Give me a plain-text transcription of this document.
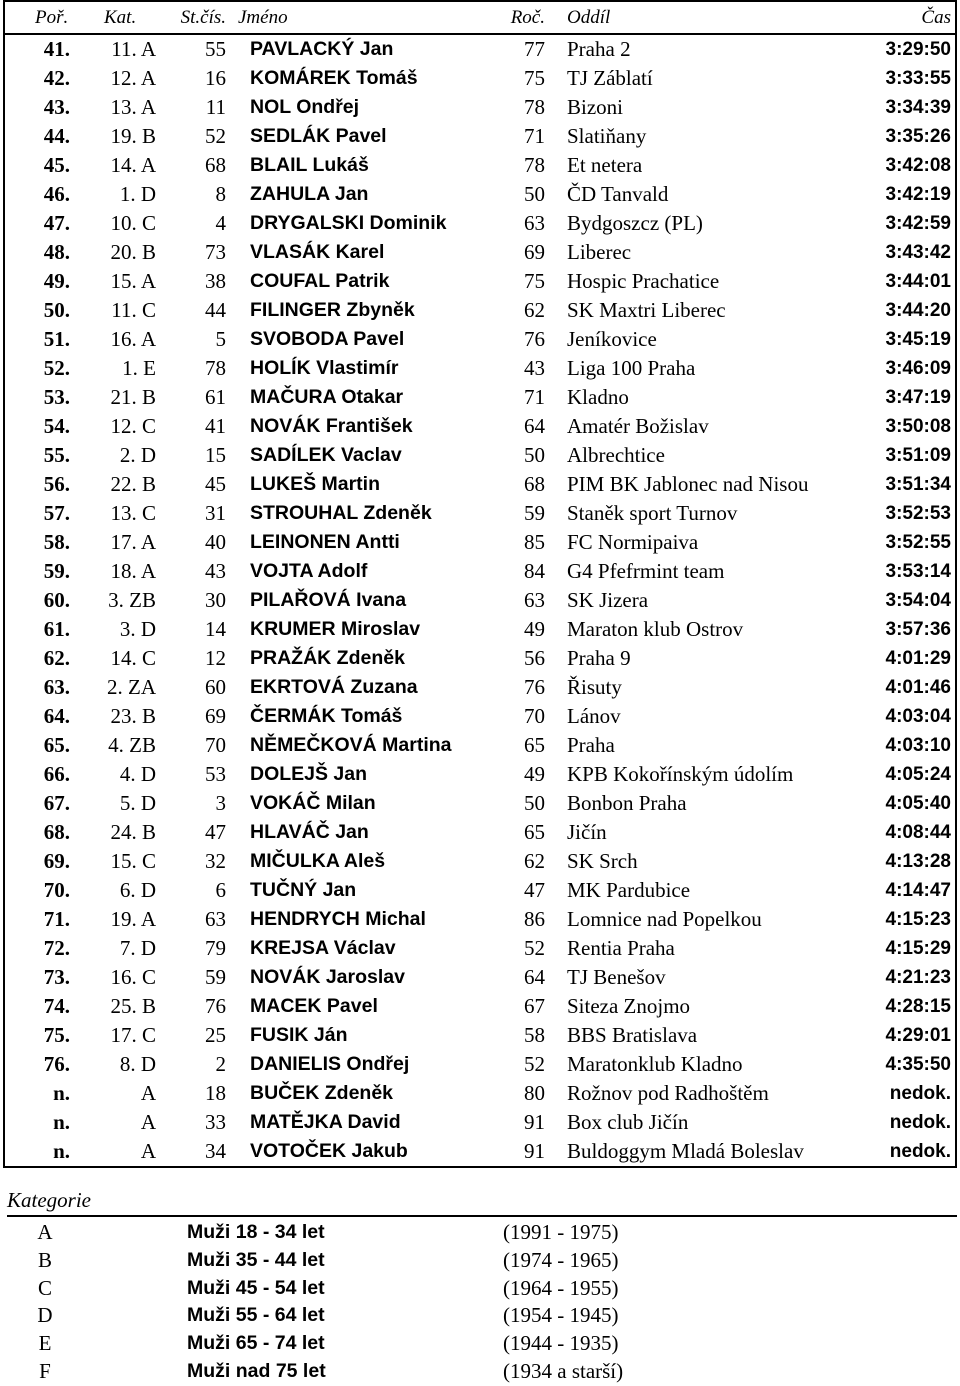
Poř.	Kat.	St.čís.	Jméno	Roč.	Oddíl	Čas
41.	11. A	55	PAVLACKÝ Jan	77	Praha 2	3:29:50
42.	12. A	16	KOMÁREK Tomáš	75	TJ Záblatí	3:33:55
43.	13. A	11	NOL Ondřej	78	Bizoni	3:34:39
44.	19. B	52	SEDLÁK Pavel	71	Slatiňany	3:35:26
45.	14. A	68	BLAIL Lukáš	78	Et netera	3:42:08
46.	1. D	8	ZAHULA Jan	50	ČD Tanvald	3:42:19
47.	10. C	4	DRYGALSKI Dominik	63	Bydgoszcz (PL)	3:42:59
48.	20. B	73	VLASÁK Karel	69	Liberec	3:43:42
49.	15. A	38	COUFAL Patrik	75	Hospic Prachatice	3:44:01
50.	11. C	44	FILINGER Zbyněk	62	SK Maxtri Liberec	3:44:20
51.	16. A	5	SVOBODA Pavel	76	Jeníkovice	3:45:19
52.	1. E	78	HOLÍK Vlastimír	43	Liga 100 Praha	3:46:09
53.	21. B	61	MAČURA Otakar	71	Kladno	3:47:19
54.	12. C	41	NOVÁK František	64	Amatér Božislav	3:50:08
55.	2. D	15	SADÍLEK Vaclav	50	Albrechtice	3:51:09
56.	22. B	45	LUKEŠ Martin	68	PIM BK Jablonec nad Nisou	3:51:34
57.	13. C	31	STROUHAL Zdeněk	59	Staněk sport Turnov	3:52:53
58.	17. A	40	LEINONEN Antti	85	FC Normipaiva	3:52:55
59.	18. A	43	VOJTA Adolf	84	G4 Pfefrmint team	3:53:14
60.	3. ZB	30	PILAŘOVÁ Ivana	63	SK Jizera	3:54:04
61.	3. D	14	KRUMER Miroslav	49	Maraton klub Ostrov	3:57:36
62.	14. C	12	PRAŽÁK Zdeněk	56	Praha 9	4:01:29
63.	2. ZA	60	EKRTOVÁ Zuzana	76	Řisuty	4:01:46
64.	23. B	69	ČERMÁK Tomáš	70	Lánov	4:03:04
65.	4. ZB	70	NĚMEČKOVÁ Martina	65	Praha	4:03:10
66.	4. D	53	DOLEJŠ Jan	49	KPB Kokořínským údolím	4:05:24
67.	5. D	3	VOKÁČ Milan	50	Bonbon Praha	4:05:40
68.	24. B	47	HLAVÁČ Jan	65	Jičín	4:08:44
69.	15. C	32	MIČULKA Aleš	62	SK Srch	4:13:28
70.	6. D	6	TUČNÝ Jan	47	MK Pardubice	4:14:47
71.	19. A	63	HENDRYCH Michal	86	Lomnice nad Popelkou	4:15:23
72.	7. D	79	KREJSA Václav	52	Rentia Praha	4:15:29
73.	16. C	59	NOVÁK Jaroslav	64	TJ Benešov	4:21:23
74.	25. B	76	MACEK Pavel	67	Siteza Znojmo	4:28:15
75.	17. C	25	FUSIK Ján	58	BBS Bratislava	4:29:01
76.	8. D	2	DANIELIS Ondřej	52	Maratonklub Kladno	4:35:50
n.	A	18	BUČEK Zdeněk	80	Rožnov pod Radhoštěm	nedok.
n.	A	33	MATĚJKA David	91	Box club Jičín	nedok.
n.	A	34	VOTOČEK Jakub	91	Buldoggym Mladá Boleslav	nedok.
Kategorie
A	Muži 18 - 34 let	(1991 - 1975)
B	Muži 35 - 44 let	(1974 - 1965)
C	Muži 45 - 54 let	(1964 - 1955)
D	Muži 55 - 64 let	(1954 - 1945)
E	Muži 65 - 74 let	(1944 - 1935)
F	Muži nad 75 let	(1934 a starší)
